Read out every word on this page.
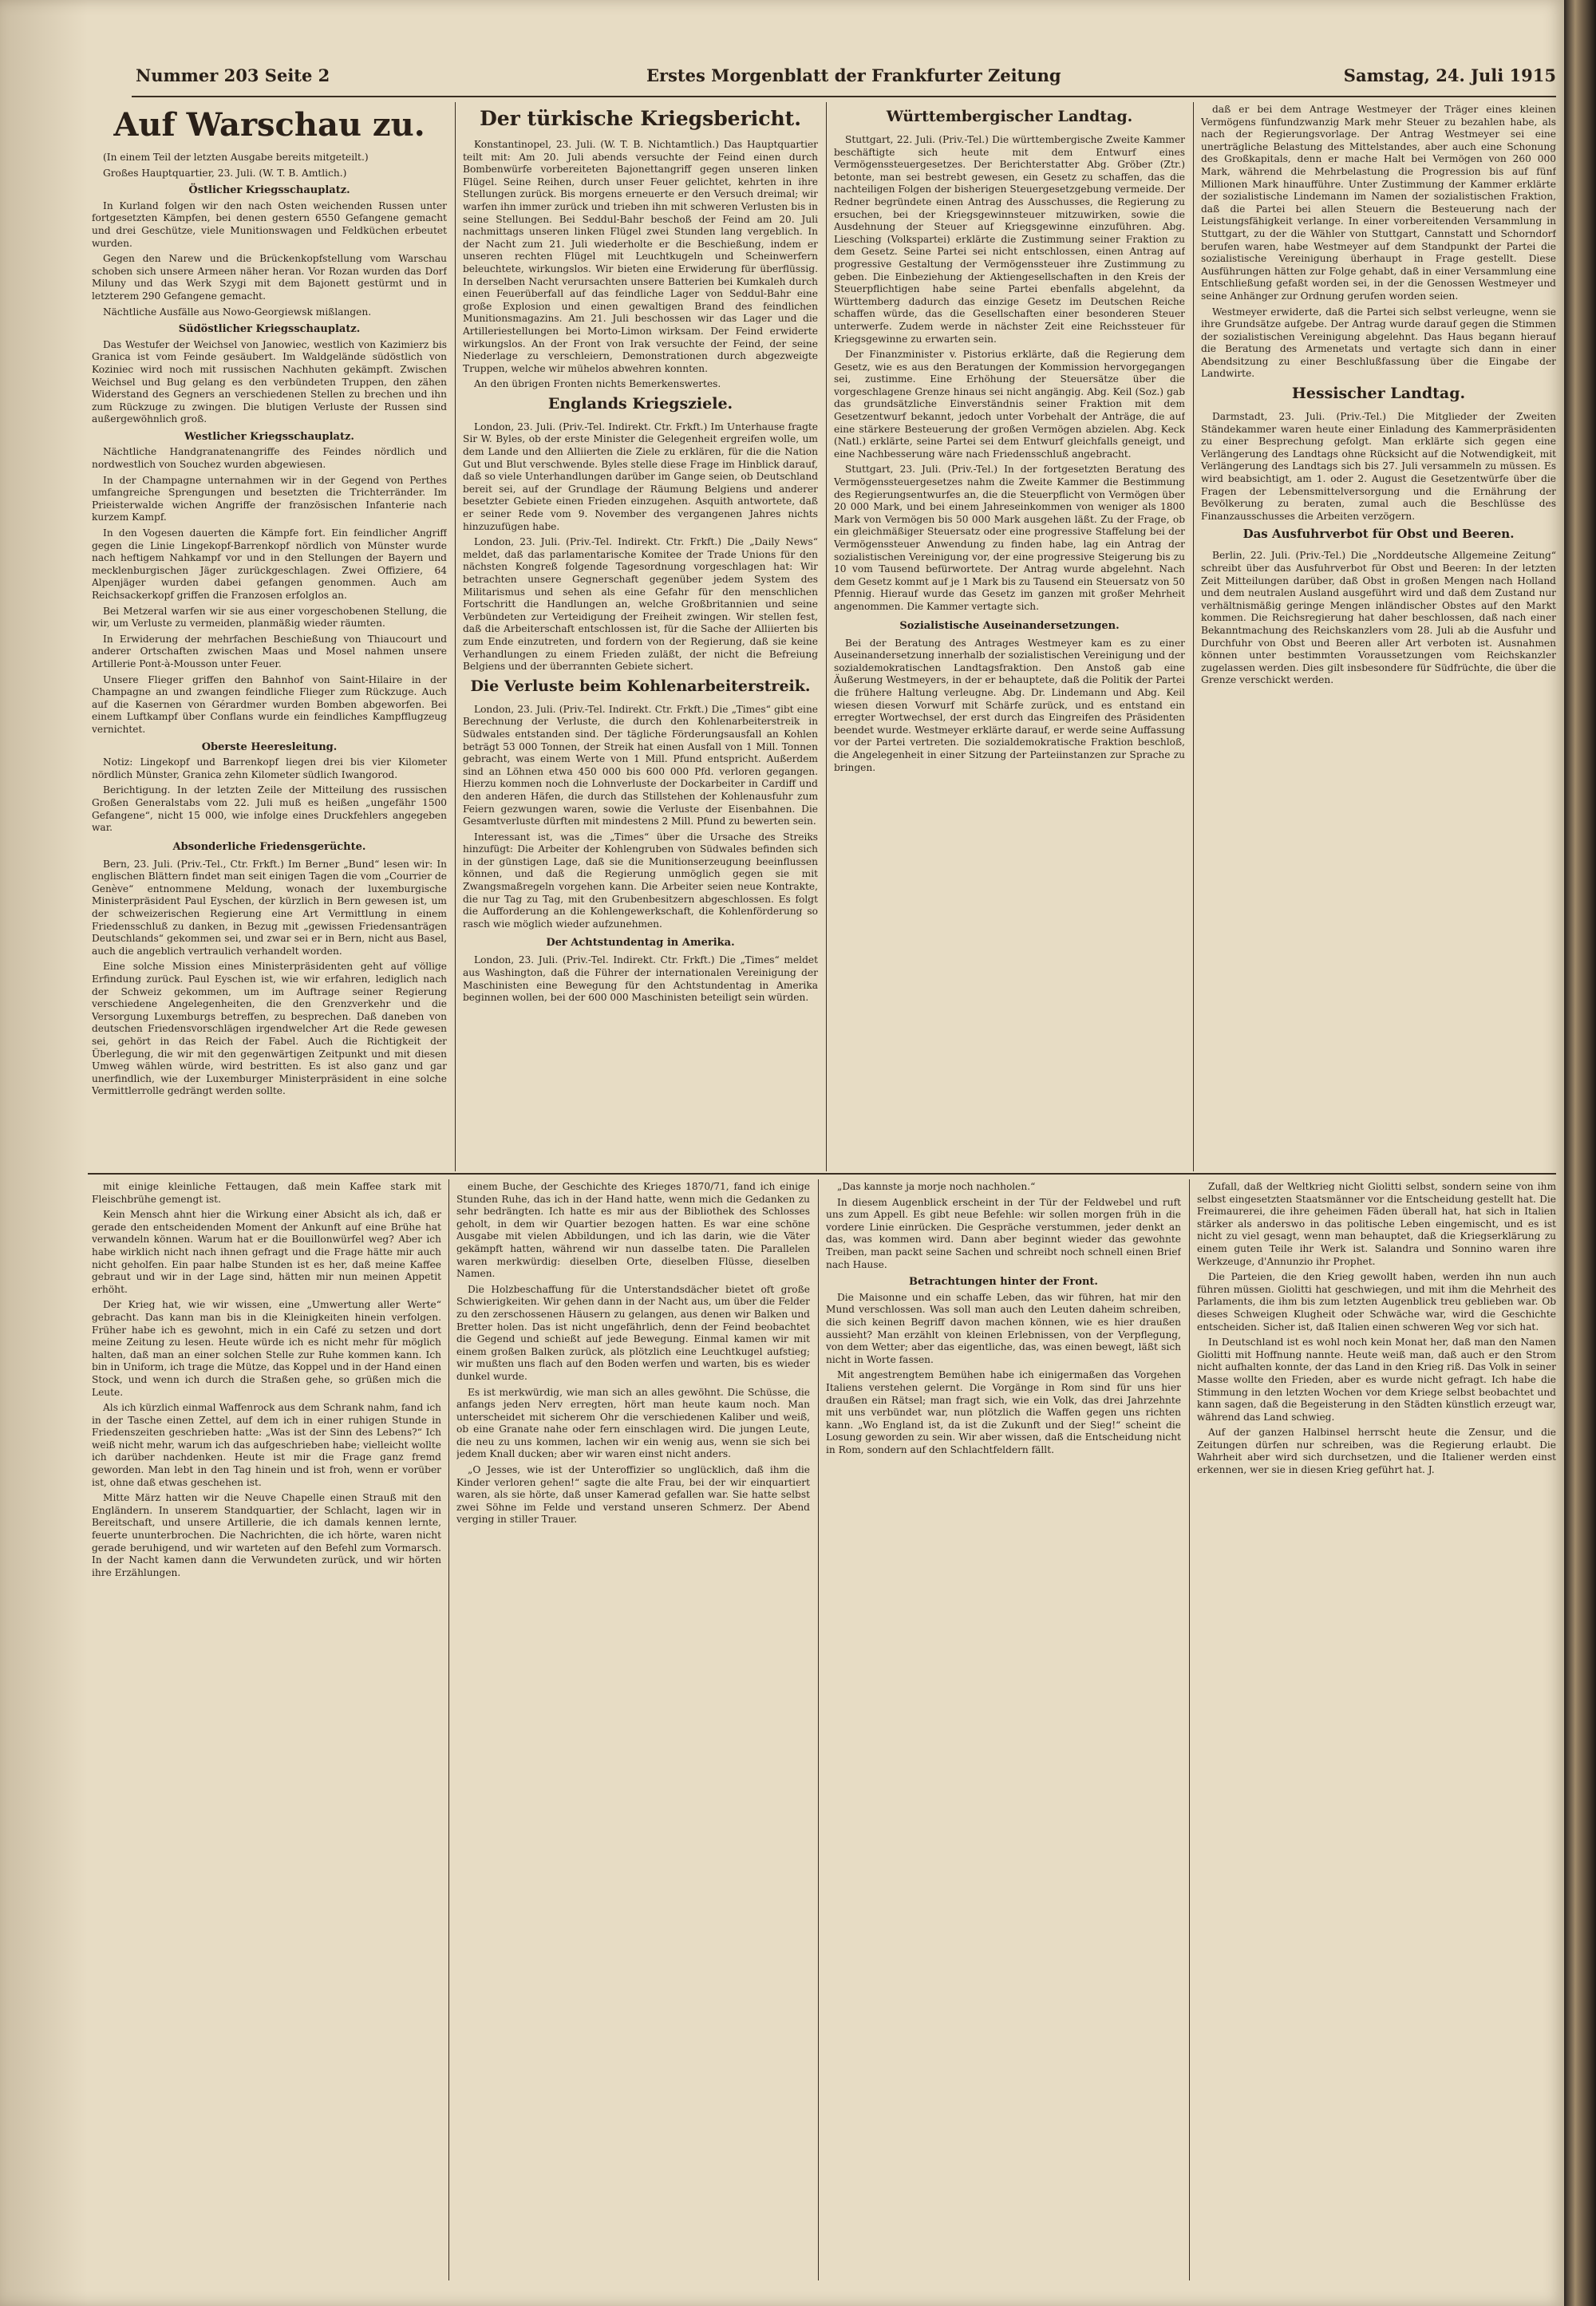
Nummer 203 Seite 2	Erstes Morgenblatt der Frankfurter Zeitung	Samstag, 24. Juli 1915
Auf Warschau zu.

(In einem Teil der letzten Ausgabe bereits mitgeteilt.)

Großes Hauptquartier, 23. Juli. (W. T. B. Amtlich.)

Östlicher Kriegsschauplatz.

In Kurland folgen wir den nach Osten weichenden Russen unter fortgesetzten Kämpfen, bei denen gestern 6550 Gefangene gemacht und drei Geschütze, viele Munitionswagen und Feldküchen erbeutet wurden.

Gegen den Narew und die Brückenkopfstellung vom Warschau schoben sich unsere Armeen näher heran. Vor Rozan wurden das Dorf Miluny und das Werk Szygi mit dem Bajonett gestürmt und in letzterem 290 Gefangene gemacht.

Nächtliche Ausfälle aus Nowo-Georgiewsk mißlangen.

Südöstlicher Kriegsschauplatz.

Das Westufer der Weichsel von Janowiec, westlich von Kazimierz bis Granica ist vom Feinde gesäubert. Im Waldgelände südöstlich von Koziniec wird noch mit russischen Nachhuten gekämpft. Zwischen Weichsel und Bug gelang es den verbündeten Truppen, den zähen Widerstand des Gegners an verschiedenen Stellen zu brechen und ihn zum Rückzuge zu zwingen. Die blutigen Verluste der Russen sind außergewöhnlich groß.

Westlicher Kriegsschauplatz.

Nächtliche Handgranatenangriffe des Feindes nördlich und nordwestlich von Souchez wurden abgewiesen.

In der Champagne unternahmen wir in der Gegend von Perthes umfangreiche Sprengungen und besetzten die Trichterränder. Im Prieisterwalde wichen Angriffe der französischen Infanterie nach kurzem Kampf.

In den Vogesen dauerten die Kämpfe fort. Ein feindlicher Angriff gegen die Linie Lingekopf-Barrenkopf nördlich von Münster wurde nach heftigem Nahkampf vor und in den Stellungen der Bayern und mecklenburgischen Jäger zurückgeschlagen. Zwei Offiziere, 64 Alpenjäger wurden dabei gefangen genommen. Auch am Reichsackerkopf griffen die Franzosen erfolglos an.

Bei Metzeral warfen wir sie aus einer vorgeschobenen Stellung, die wir, um Verluste zu vermeiden, planmäßig wieder räumten.

In Erwiderung der mehrfachen Beschießung von Thiaucourt und anderer Ortschaften zwischen Maas und Mosel nahmen unsere Artillerie Pont-à-Mousson unter Feuer.

Unsere Flieger griffen den Bahnhof von Saint-Hilaire in der Champagne an und zwangen feindliche Flieger zum Rückzuge. Auch auf die Kasernen von Gérardmer wurden Bomben abgeworfen. Bei einem Luftkampf über Conflans wurde ein feindliches Kampfflugzeug vernichtet.

Oberste Heeresleitung.

Notiz: Lingekopf und Barrenkopf liegen drei bis vier Kilometer nördlich Münster, Granica zehn Kilometer südlich Iwangorod.

Berichtigung. In der letzten Zeile der Mitteilung des russischen Großen Generalstabs vom 22. Juli muß es heißen „ungefähr 1500 Gefangene“, nicht 15 000, wie infolge eines Druckfehlers angegeben war.

Absonderliche Friedensgerüchte.

Bern, 23. Juli. (Priv.-Tel., Ctr. Frkft.) Im Berner „Bund“ lesen wir: In englischen Blättern findet man seit einigen Tagen die vom „Courrier de Genève“ entnommene Meldung, wonach der luxemburgische Ministerpräsident Paul Eyschen, der kürzlich in Bern gewesen ist, um der schweizerischen Regierung eine Art Vermittlung in einem Friedensschluß zu danken, in Bezug mit „gewissen Friedensanträgen Deutschlands“ gekommen sei, und zwar sei er in Bern, nicht aus Basel, auch die angeblich vertraulich verhandelt worden.

Eine solche Mission eines Ministerpräsidenten geht auf völlige Erfindung zurück. Paul Eyschen ist, wie wir erfahren, lediglich nach der Schweiz gekommen, um im Auftrage seiner Regierung verschiedene Angelegenheiten, die den Grenzverkehr und die Versorgung Luxemburgs betreffen, zu besprechen. Daß daneben von deutschen Friedensvorschlägen irgendwelcher Art die Rede gewesen sei, gehört in das Reich der Fabel. Auch die Richtigkeit der Überlegung, die wir mit den gegenwärtigen Zeitpunkt und mit diesen Umweg wählen würde, wird bestritten. Es ist also ganz und gar unerfindlich, wie der Luxemburger Ministerpräsident in eine solche Vermittlerrolle gedrängt werden sollte.

Der türkische Kriegsbericht.

Konstantinopel, 23. Juli. (W. T. B. Nichtamtlich.) Das Hauptquartier teilt mit: Am 20. Juli abends versuchte der Feind einen durch Bombenwürfe vorbereiteten Bajonettangriff gegen unseren linken Flügel. Seine Reihen, durch unser Feuer gelichtet, kehrten in ihre Stellungen zurück. Bis morgens erneuerte er den Versuch dreimal; wir warfen ihn immer zurück und trieben ihn mit schweren Verlusten bis in seine Stellungen. Bei Seddul-Bahr beschoß der Feind am 20. Juli nachmittags unseren linken Flügel zwei Stunden lang vergeblich. In der Nacht zum 21. Juli wiederholte er die Beschießung, indem er unseren rechten Flügel mit Leuchtkugeln und Scheinwerfern beleuchtete, wirkungslos. Wir bieten eine Erwiderung für überflüssig. In derselben Nacht verursachten unsere Batterien bei Kumkaleh durch einen Feuerüberfall auf das feindliche Lager von Seddul-Bahr eine große Explosion und einen gewaltigen Brand des feindlichen Munitionsmagazins. Am 21. Juli beschossen wir das Lager und die Artilleriestellungen bei Morto-Limon wirksam. Der Feind erwiderte wirkungslos. An der Front von Irak versuchte der Feind, der seine Niederlage zu verschleiern, Demonstrationen durch abgezweigte Truppen, welche wir mühelos abwehren konnten.

An den übrigen Fronten nichts Bemerkenswertes.

Englands Kriegsziele.

London, 23. Juli. (Priv.-Tel. Indirekt. Ctr. Frkft.) Im Unterhause fragte Sir W. Byles, ob der erste Minister die Gelegenheit ergreifen wolle, um dem Lande und den Alliierten die Ziele zu erklären, für die die Nation Gut und Blut verschwende. Byles stelle diese Frage im Hinblick darauf, daß so viele Unterhandlungen darüber im Gange seien, ob Deutschland bereit sei, auf der Grundlage der Räumung Belgiens und anderer besetzter Gebiete einen Frieden einzugehen. Asquith antwortete, daß er seiner Rede vom 9. November des vergangenen Jahres nichts hinzuzufügen habe.

London, 23. Juli. (Priv.-Tel. Indirekt. Ctr. Frkft.) Die „Daily News“ meldet, daß das parlamentarische Komitee der Trade Unions für den nächsten Kongreß folgende Tagesordnung vorgeschlagen hat: Wir betrachten unsere Gegnerschaft gegenüber jedem System des Militarismus und sehen als eine Gefahr für den menschlichen Fortschritt die Handlungen an, welche Großbritannien und seine Verbündeten zur Verteidigung der Freiheit zwingen. Wir stellen fest, daß die Arbeiterschaft entschlossen ist, für die Sache der Alliierten bis zum Ende einzutreten, und fordern von der Regierung, daß sie keine Verhandlungen zu einem Frieden zuläßt, der nicht die Befreiung Belgiens und der überrannten Gebiete sichert.

Die Verluste beim Kohlenarbeiterstreik.

London, 23. Juli. (Priv.-Tel. Indirekt. Ctr. Frkft.) Die „Times“ gibt eine Berechnung der Verluste, die durch den Kohlenarbeiterstreik in Südwales entstanden sind. Der tägliche Förderungsausfall an Kohlen beträgt 53 000 Tonnen, der Streik hat einen Ausfall von 1 Mill. Tonnen gebracht, was einem Werte von 1 Mill. Pfund entspricht. Außerdem sind an Löhnen etwa 450 000 bis 600 000 Pfd. verloren gegangen. Hierzu kommen noch die Lohnverluste der Dockarbeiter in Cardiff und den anderen Häfen, die durch das Stillstehen der Kohlenausfuhr zum Feiern gezwungen waren, sowie die Verluste der Eisenbahnen. Die Gesamtverluste dürften mit mindestens 2 Mill. Pfund zu bewerten sein.

Interessant ist, was die „Times“ über die Ursache des Streiks hinzufügt: Die Arbeiter der Kohlengruben von Südwales befinden sich in der günstigen Lage, daß sie die Munitionserzeugung beeinflussen können, und daß die Regierung unmöglich gegen sie mit Zwangsmaßregeln vorgehen kann. Die Arbeiter seien neue Kontrakte, die nur Tag zu Tag, mit den Grubenbesitzern abgeschlossen. Es folgt die Aufforderung an die Kohlengewerkschaft, die Kohlenförderung so rasch wie möglich wieder aufzunehmen.

Der Achtstundentag in Amerika.

London, 23. Juli. (Priv.-Tel. Indirekt. Ctr. Frkft.) Die „Times“ meldet aus Washington, daß die Führer der internationalen Vereinigung der Maschinisten eine Bewegung für den Achtstundentag in Amerika beginnen wollen, bei der 600 000 Maschinisten beteiligt sein würden.

Württembergischer Landtag.

Stuttgart, 22. Juli. (Priv.-Tel.) Die württembergische Zweite Kammer beschäftigte sich heute mit dem Entwurf eines Vermögenssteuergesetzes. Der Berichterstatter Abg. Gröber (Ztr.) betonte, man sei bestrebt gewesen, ein Gesetz zu schaffen, das die nachteiligen Folgen der bisherigen Steuergesetzgebung vermeide. Der Redner begründete einen Antrag des Ausschusses, die Regierung zu ersuchen, bei der Kriegsgewinnsteuer mitzuwirken, sowie die Ausdehnung der Steuer auf Kriegsgewinne einzuführen. Abg. Liesching (Volkspartei) erklärte die Zustimmung seiner Fraktion zu dem Gesetz. Seine Partei sei nicht entschlossen, einen Antrag auf progressive Gestaltung der Vermögenssteuer ihre Zustimmung zu geben. Die Einbeziehung der Aktiengesellschaften in den Kreis der Steuerpflichtigen habe seine Partei ebenfalls abgelehnt, da Württemberg dadurch das einzige Gesetz im Deutschen Reiche schaffen würde, das die Gesellschaften einer besonderen Steuer unterwerfe. Zudem werde in nächster Zeit eine Reichssteuer für Kriegsgewinne zu erwarten sein.

Der Finanzminister v. Pistorius erklärte, daß die Regierung dem Gesetz, wie es aus den Beratungen der Kommission hervorgegangen sei, zustimme. Eine Erhöhung der Steuersätze über die vorgeschlagene Grenze hinaus sei nicht angängig. Abg. Keil (Soz.) gab das grundsätzliche Einverständnis seiner Fraktion mit dem Gesetzentwurf bekannt, jedoch unter Vorbehalt der Anträge, die auf eine stärkere Besteuerung der großen Vermögen abzielen. Abg. Keck (Natl.) erklärte, seine Partei sei dem Entwurf gleichfalls geneigt, und eine Nachbesserung wäre nach Friedensschluß angebracht.

Stuttgart, 23. Juli. (Priv.-Tel.) In der fortgesetzten Beratung des Vermögenssteuergesetzes nahm die Zweite Kammer die Bestimmung des Regierungsentwurfes an, die die Steuerpflicht von Vermögen über 20 000 Mark, und bei einem Jahreseinkommen von weniger als 1800 Mark von Vermögen bis 50 000 Mark ausgehen läßt. Zu der Frage, ob ein gleichmäßiger Steuersatz oder eine progressive Staffelung bei der Vermögenssteuer Anwendung zu finden habe, lag ein Antrag der sozialistischen Vereinigung vor, der eine progressive Steigerung bis zu 10 vom Tausend befürwortete. Der Antrag wurde abgelehnt. Nach dem Gesetz kommt auf je 1 Mark bis zu Tausend ein Steuersatz von 50 Pfennig. Hierauf wurde das Gesetz im ganzen mit großer Mehrheit angenommen. Die Kammer vertagte sich.

Sozialistische Auseinandersetzungen.

Bei der Beratung des Antrages Westmeyer kam es zu einer Auseinandersetzung innerhalb der sozialistischen Vereinigung und der sozialdemokratischen Landtagsfraktion. Den Anstoß gab eine Äußerung Westmeyers, in der er behauptete, daß die Politik der Partei die frühere Haltung verleugne. Abg. Dr. Lindemann und Abg. Keil wiesen diesen Vorwurf mit Schärfe zurück, und es entstand ein erregter Wortwechsel, der erst durch das Eingreifen des Präsidenten beendet wurde. Westmeyer erklärte darauf, er werde seine Auffassung vor der Partei vertreten. Die sozialdemokratische Fraktion beschloß, die Angelegenheit in einer Sitzung der Parteiinstanzen zur Sprache zu bringen.

daß er bei dem Antrage Westmeyer der Träger eines kleinen Vermögens fünfundzwanzig Mark mehr Steuer zu bezahlen habe, als nach der Regierungsvorlage. Der Antrag Westmeyer sei eine unerträgliche Belastung des Mittelstandes, aber auch eine Schonung des Großkapitals, denn er mache Halt bei Vermögen von 260 000 Mark, während die Mehrbelastung die Progression bis auf fünf Millionen Mark hinaufführe. Unter Zustimmung der Kammer erklärte der sozialistische Lindemann im Namen der sozialistischen Fraktion, daß die Partei bei allen Steuern die Besteuerung nach der Leistungsfähigkeit verlange. In einer vorbereitenden Versammlung in Stuttgart, zu der die Wähler von Stuttgart, Cannstatt und Schorndorf berufen waren, habe Westmeyer auf dem Standpunkt der Partei die sozialistische Vereinigung überhaupt in Frage gestellt. Diese Ausführungen hätten zur Folge gehabt, daß in einer Versammlung eine Entschließung gefaßt worden sei, in der die Genossen Westmeyer und seine Anhänger zur Ordnung gerufen worden seien.

Westmeyer erwiderte, daß die Partei sich selbst verleugne, wenn sie ihre Grundsätze aufgebe. Der Antrag wurde darauf gegen die Stimmen der sozialistischen Vereinigung abgelehnt. Das Haus begann hierauf die Beratung des Armenetats und vertagte sich dann in einer Abendsitzung zu einer Beschlußfassung über die Eingabe der Landwirte.

Hessischer Landtag.

Darmstadt, 23. Juli. (Priv.-Tel.) Die Mitglieder der Zweiten Ständekammer waren heute einer Einladung des Kammerpräsidenten zu einer Besprechung gefolgt. Man erklärte sich gegen eine Verlängerung des Landtags ohne Rücksicht auf die Notwendigkeit, mit Verlängerung des Landtags sich bis 27. Juli versammeln zu müssen. Es wird beabsichtigt, am 1. oder 2. August die Gesetzentwürfe über die Fragen der Lebensmittelversorgung und die Ernährung der Bevölkerung zu beraten, zumal auch die Beschlüsse des Finanzausschusses die Arbeiten verzögern.

Das Ausfuhrverbot für Obst und Beeren.

Berlin, 22. Juli. (Priv.-Tel.) Die „Norddeutsche Allgemeine Zeitung“ schreibt über das Ausfuhrverbot für Obst und Beeren: In der letzten Zeit Mitteilungen darüber, daß Obst in großen Mengen nach Holland und dem neutralen Ausland ausgeführt wird und daß dem Zustand nur verhältnismäßig geringe Mengen inländischer Obstes auf den Markt kommen. Die Reichsregierung hat daher beschlossen, daß nach einer Bekanntmachung des Reichskanzlers vom 28. Juli ab die Ausfuhr und Durchfuhr von Obst und Beeren aller Art verboten ist. Ausnahmen können unter bestimmten Voraussetzungen vom Reichskanzler zugelassen werden. Dies gilt insbesondere für Südfrüchte, die über die Grenze verschickt werden.

mit einige kleinliche Fettaugen, daß mein Kaffee stark mit Fleischbrühe gemengt ist.

Kein Mensch ahnt hier die Wirkung einer Absicht als ich, daß er gerade den entscheidenden Moment der Ankunft auf eine Brühe hat verwandeln können. Warum hat er die Bouillonwürfel weg? Aber ich habe wirklich nicht nach ihnen gefragt und die Frage hätte mir auch nicht geholfen. Ein paar halbe Stunden ist es her, daß meine Kaffee gebraut und wir in der Lage sind, hätten mir nun meinen Appetit erhöht.

Der Krieg hat, wie wir wissen, eine „Umwertung aller Werte“ gebracht. Das kann man bis in die Kleinigkeiten hinein verfolgen. Früher habe ich es gewohnt, mich in ein Café zu setzen und dort meine Zeitung zu lesen. Heute würde ich es nicht mehr für möglich halten, daß man an einer solchen Stelle zur Ruhe kommen kann. Ich bin in Uniform, ich trage die Mütze, das Koppel und in der Hand einen Stock, und wenn ich durch die Straßen gehe, so grüßen mich die Leute.

Als ich kürzlich einmal Waffenrock aus dem Schrank nahm, fand ich in der Tasche einen Zettel, auf dem ich in einer ruhigen Stunde in Friedenszeiten geschrieben hatte: „Was ist der Sinn des Lebens?“ Ich weiß nicht mehr, warum ich das aufgeschrieben habe; vielleicht wollte ich darüber nachdenken. Heute ist mir die Frage ganz fremd geworden. Man lebt in den Tag hinein und ist froh, wenn er vorüber ist, ohne daß etwas geschehen ist.

Mitte März hatten wir die Neuve Chapelle einen Strauß mit den Engländern. In unserem Standquartier, der Schlacht, lagen wir in Bereitschaft, und unsere Artillerie, die ich damals kennen lernte, feuerte ununterbrochen. Die Nachrichten, die ich hörte, waren nicht gerade beruhigend, und wir warteten auf den Befehl zum Vormarsch. In der Nacht kamen dann die Verwundeten zurück, und wir hörten ihre Erzählungen.

einem Buche, der Geschichte des Krieges 1870/71, fand ich einige Stunden Ruhe, das ich in der Hand hatte, wenn mich die Gedanken zu sehr bedrängten. Ich hatte es mir aus der Bibliothek des Schlosses geholt, in dem wir Quartier bezogen hatten. Es war eine schöne Ausgabe mit vielen Abbildungen, und ich las darin, wie die Väter gekämpft hatten, während wir nun dasselbe taten. Die Parallelen waren merkwürdig: dieselben Orte, dieselben Flüsse, dieselben Namen.

Die Holzbeschaffung für die Unterstandsdächer bietet oft große Schwierigkeiten. Wir gehen dann in der Nacht aus, um über die Felder zu den zerschossenen Häusern zu gelangen, aus denen wir Balken und Bretter holen. Das ist nicht ungefährlich, denn der Feind beobachtet die Gegend und schießt auf jede Bewegung. Einmal kamen wir mit einem großen Balken zurück, als plötzlich eine Leuchtkugel aufstieg; wir mußten uns flach auf den Boden werfen und warten, bis es wieder dunkel wurde.

Es ist merkwürdig, wie man sich an alles gewöhnt. Die Schüsse, die anfangs jeden Nerv erregten, hört man heute kaum noch. Man unterscheidet mit sicherem Ohr die verschiedenen Kaliber und weiß, ob eine Granate nahe oder fern einschlagen wird. Die jungen Leute, die neu zu uns kommen, lachen wir ein wenig aus, wenn sie sich bei jedem Knall ducken; aber wir waren einst nicht anders.

„O Jesses, wie ist der Unteroffizier so unglücklich, daß ihm die Kinder verloren gehen!“ sagte die alte Frau, bei der wir einquartiert waren, als sie hörte, daß unser Kamerad gefallen war. Sie hatte selbst zwei Söhne im Felde und verstand unseren Schmerz. Der Abend verging in stiller Trauer.

„Das kannste ja morje noch nachholen.“

In diesem Augenblick erscheint in der Tür der Feldwebel und ruft uns zum Appell. Es gibt neue Befehle: wir sollen morgen früh in die vordere Linie einrücken. Die Gespräche verstummen, jeder denkt an das, was kommen wird. Dann aber beginnt wieder das gewohnte Treiben, man packt seine Sachen und schreibt noch schnell einen Brief nach Hause.

Betrachtungen hinter der Front.

Die Maisonne und ein schaffe Leben, das wir führen, hat mir den Mund verschlossen. Was soll man auch den Leuten daheim schreiben, die sich keinen Begriff davon machen können, wie es hier draußen aussieht? Man erzählt von kleinen Erlebnissen, von der Verpflegung, von dem Wetter; aber das eigentliche, das, was einen bewegt, läßt sich nicht in Worte fassen.

Mit angestrengtem Bemühen habe ich einigermaßen das Vorgehen Italiens verstehen gelernt. Die Vorgänge in Rom sind für uns hier draußen ein Rätsel; man fragt sich, wie ein Volk, das drei Jahrzehnte mit uns verbündet war, nun plötzlich die Waffen gegen uns richten kann. „Wo England ist, da ist die Zukunft und der Sieg!“ scheint die Losung geworden zu sein. Wir aber wissen, daß die Entscheidung nicht in Rom, sondern auf den Schlachtfeldern fällt.

Zufall, daß der Weltkrieg nicht Giolitti selbst, sondern seine von ihm selbst eingesetzten Staatsmänner vor die Entscheidung gestellt hat. Die Freimaurerei, die ihre geheimen Fäden überall hat, hat sich in Italien stärker als anderswo in das politische Leben eingemischt, und es ist nicht zu viel gesagt, wenn man behauptet, daß die Kriegserklärung zu einem guten Teile ihr Werk ist. Salandra und Sonnino waren ihre Werkzeuge, d'Annunzio ihr Prophet.

Die Parteien, die den Krieg gewollt haben, werden ihn nun auch führen müssen. Giolitti hat geschwiegen, und mit ihm die Mehrheit des Parlaments, die ihm bis zum letzten Augenblick treu geblieben war. Ob dieses Schweigen Klugheit oder Schwäche war, wird die Geschichte entscheiden. Sicher ist, daß Italien einen schweren Weg vor sich hat.

In Deutschland ist es wohl noch kein Monat her, daß man den Namen Giolitti mit Hoffnung nannte. Heute weiß man, daß auch er den Strom nicht aufhalten konnte, der das Land in den Krieg riß. Das Volk in seiner Masse wollte den Frieden, aber es wurde nicht gefragt. Ich habe die Stimmung in den letzten Wochen vor dem Kriege selbst beobachtet und kann sagen, daß die Begeisterung in den Städten künstlich erzeugt war, während das Land schwieg.

Auf der ganzen Halbinsel herrscht heute die Zensur, und die Zeitungen dürfen nur schreiben, was die Regierung erlaubt. Die Wahrheit aber wird sich durchsetzen, und die Italiener werden einst erkennen, wer sie in diesen Krieg geführt hat. J.
